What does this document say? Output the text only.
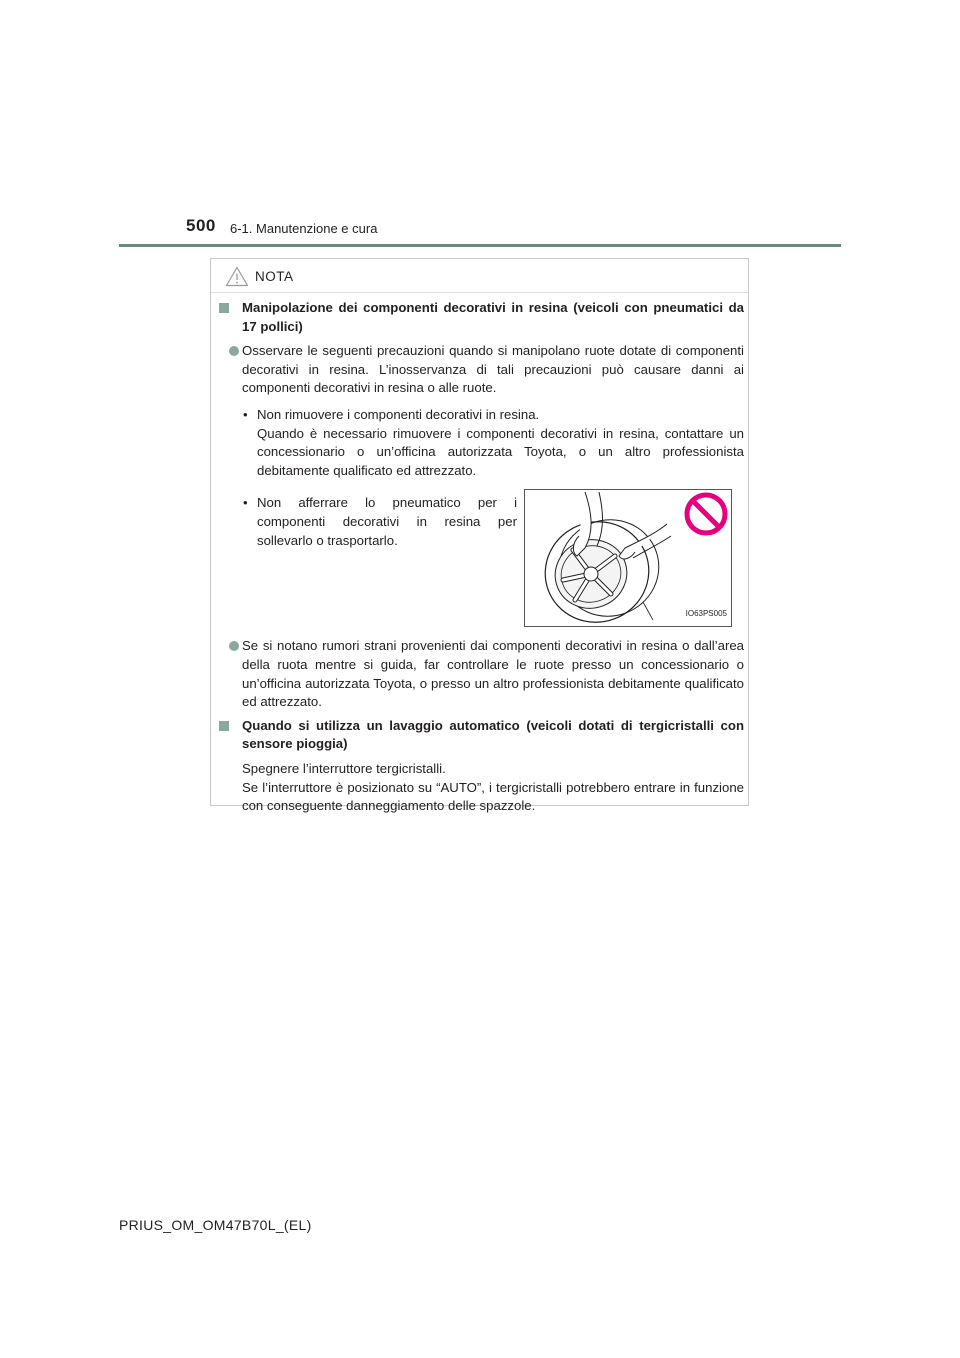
500 6-1. Manutenzione e cura
NOTA
Manipolazione dei componenti decorativi in resina (veicoli con pneumatici da 17 pollici)
Osservare le seguenti precauzioni quando si manipolano ruote dotate di componenti decorativi in resina. L’inosservanza di tali precauzioni può causare danni ai componenti decorativi in resina o alle ruote.
• Non rimuovere i componenti decorativi in resina.
Quando è necessario rimuovere i componenti decorativi in resina, contattare un concessionario o un’officina autorizzata Toyota, o un altro professionista debitamente qualificato ed attrezzato.
• Non afferrare lo pneumatico per i componenti decorativi in resina per sollevarlo o trasportarlo.
IO63PS005
Se si notano rumori strani provenienti dai componenti decorativi in resina o dall’area della ruota mentre si guida, far controllare le ruote presso un concessionario o un’officina autorizzata Toyota, o presso un altro professionista debitamente qualificato ed attrezzato.
Quando si utilizza un lavaggio automatico (veicoli dotati di tergicristalli con sensore pioggia)
Spegnere l’interruttore tergicristalli.
Se l’interruttore è posizionato su “AUTO”, i tergicristalli potrebbero entrare in funzione con conseguente danneggiamento delle spazzole.
PRIUS_OM_OM47B70L_(EL)
